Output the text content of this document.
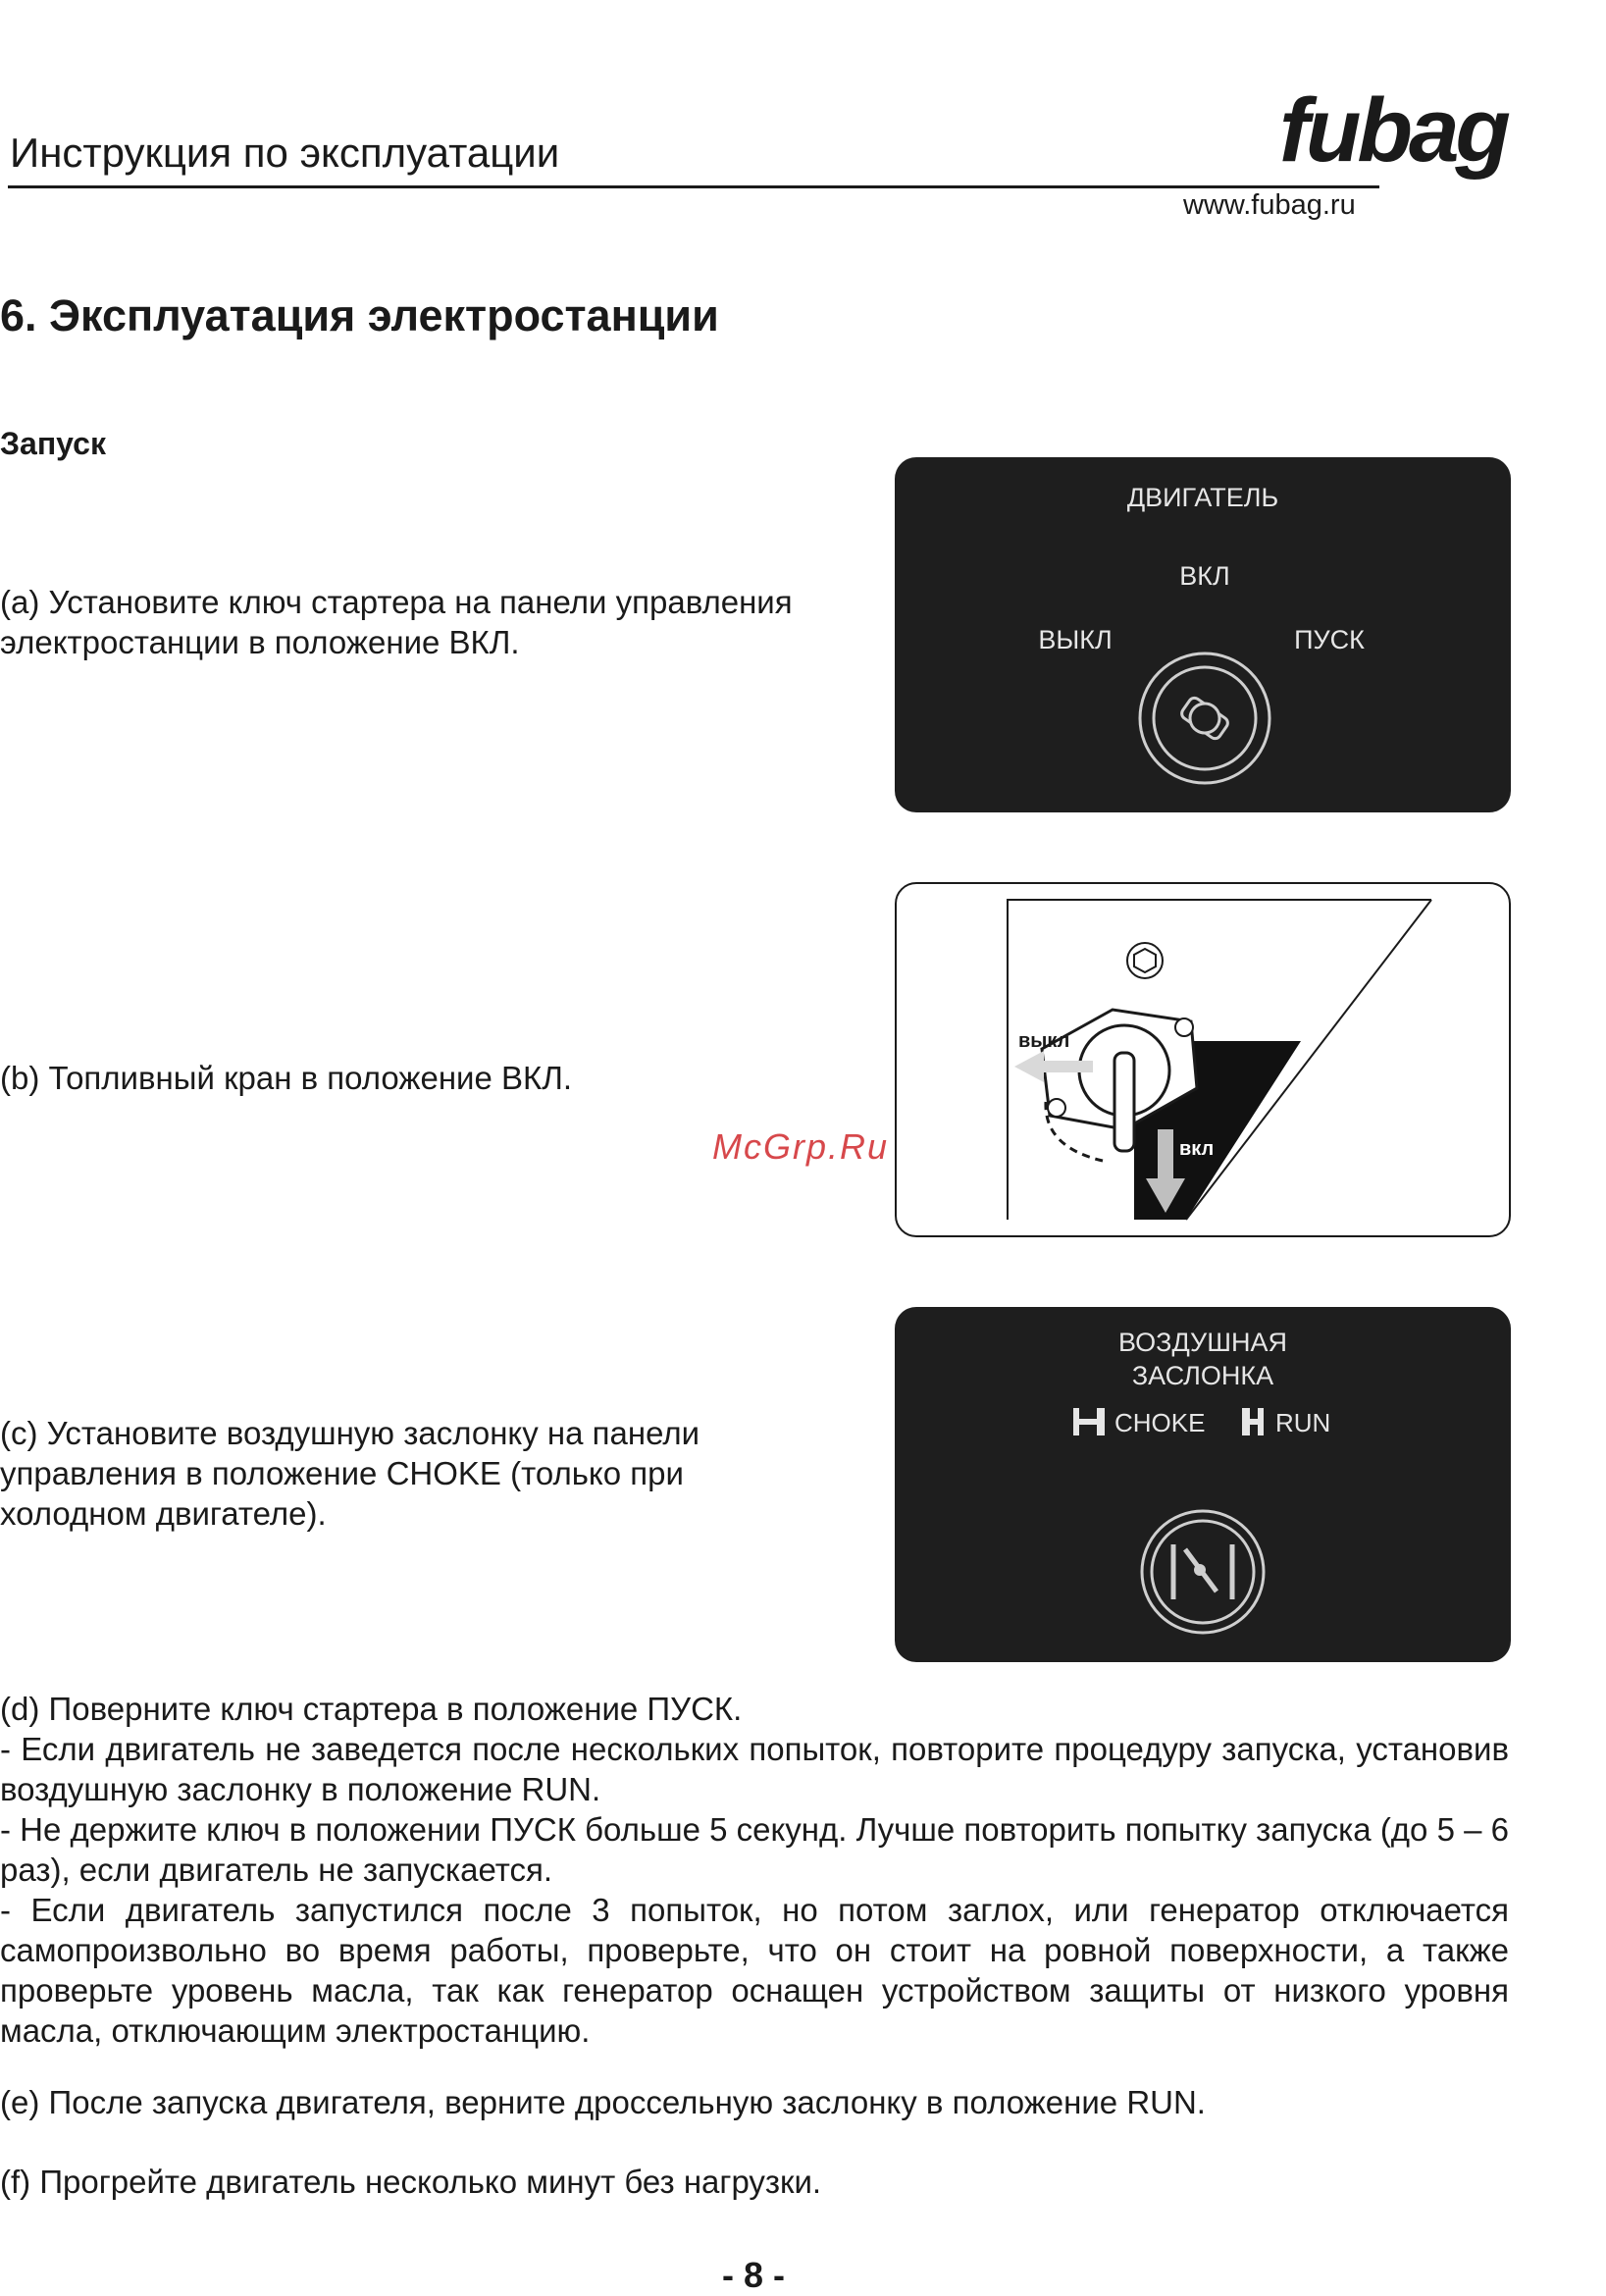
Инструкция по эксплуатации	fubag
www.fubag.ru
6. Эксплуатация электростанции
Запуск

(a) Установите ключ стартера на панели управления электростанции в положение ВКЛ.

(b) Топливный кран в положение ВКЛ.

(c) Установите воздушную заслонку на панели управления в положение CHOKE (только при холодном двигателе).

(d) Поверните ключ стартера в положение ПУСК.

- Если двигатель не заведется после нескольких попыток, повторите процедуру запуска, установив воздушную заслонку в положение RUN.

- Не держите ключ в положении ПУСК больше 5 секунд. Лучше повторить попытку запуска (до 5 – 6 раз), если двигатель не запускается.

- Если двигатель запустился после 3 попыток, но потом заглох, или генератор отключается самопроизвольно во время работы, проверьте, что он стоит на ровной поверхности, а также проверьте уровень масла, так как генератор оснащен устройством защиты от низкого уровня масла, отключающим электростанцию.

(e) После запуска двигателя, верните дроссельную заслонку в положение RUN.

(f) Прогрейте двигатель несколько минут без нагрузки.

ДВИГАТЕЛЬ
ВКЛ
ВЫКЛ	ПУСК
выкл
вкл
ВОЗДУШНАЯ
ЗАСЛОНКА
CHOKE	RUN
McGrp.Ru
- 8 -
